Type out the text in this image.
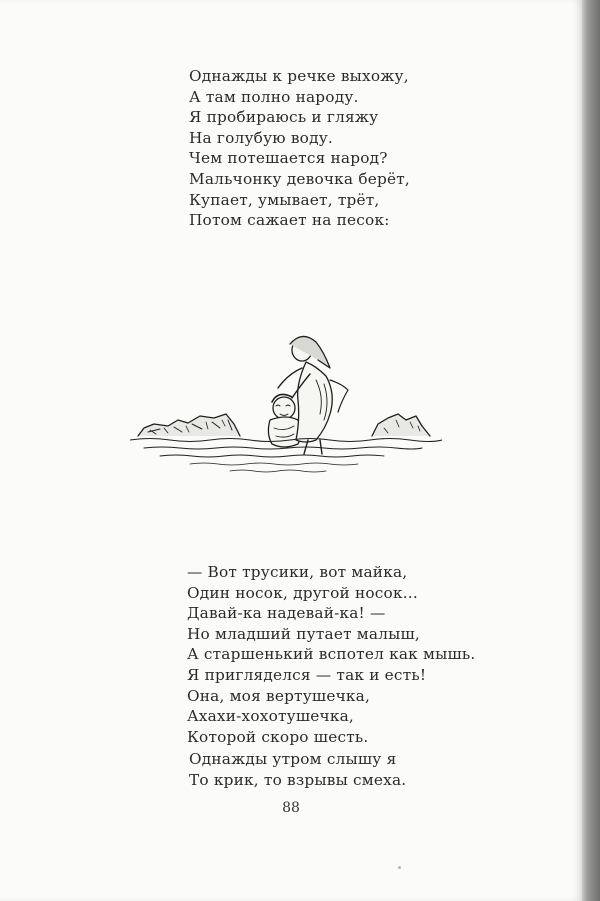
Однажды к речке выхожу,
А там полно народу.
Я пробираюсь и гляжу
На голубую воду.
Чем потешается народ?
Мальчонку девочка берёт,
Купает, умывает, трёт,
Потом сажает на песок:
— Вот трусики, вот майка,
Один носок, другой носок...
Давай-ка надевай-ка! —
Но младший путает малыш,
А старшенький вспотел как мышь.
Я пригляделся — так и есть!
Она, моя вертушечка,
Ахахи-хохотушечка,
Которой скоро шесть.
Однажды утром слышу я
То крик, то взрывы смеха.
88
